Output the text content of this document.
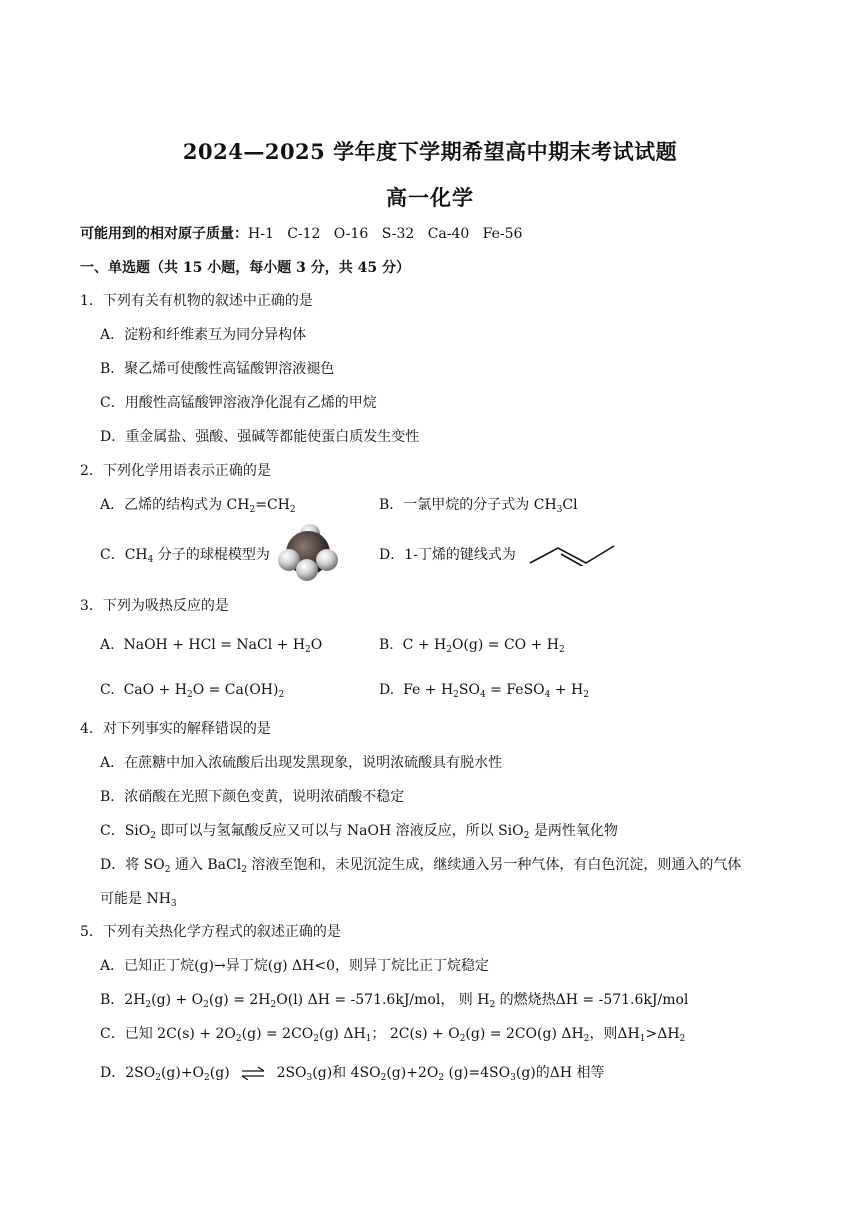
2024—2025 学年度下学期希望高中期末考试试题
高一化学
可能用到的相对原子质量：H-1   C-12   O-16   S-32   Ca-40   Fe-56
一、单选题（共 15 小题，每小题 3 分，共 45 分）
1．下列有关有机物的叙述中正确的是
A．淀粉和纤维素互为同分异构体
B．聚乙烯可使酸性高锰酸钾溶液褪色
C．用酸性高锰酸钾溶液净化混有乙烯的甲烷
D．重金属盐、强酸、强碱等都能使蛋白质发生变性
2．下列化学用语表示正确的是
A．乙烯的结构式为 $CH_2=CH_2$	B．一氯甲烷的分子式为 $CH_3Cl$
C．$CH_4$ 分子的球棍模型为	D．1-丁烯的键线式为
3．下列为吸热反应的是
A. NaOH + HCl = NaCl + $H_2O$	B. $C + H_2O(g)$ = CO + $H_2$
C. CaO + $H_2O = Ca(OH)_2$	D. $Fe + H_2SO_4$ = FeSO$_4$ + $H_2$
4．对下列事实的解释错误的是
A．在蔗糖中加入浓硫酸后出现发黑现象，说明浓硫酸具有脱水性
B．浓硝酸在光照下颜色变黄，说明浓硝酸不稳定
C．SiO$_2$ 即可以与氢氟酸反应又可以与 NaOH 溶液反应，所以 SiO$_2$ 是两性氧化物
D．将 $SO_2$ 通入 BaCl$_2$ 溶液至饱和，未见沉淀生成，继续通入另一种气体，有白色沉淀，则通入的气体
可能是 $NH_3$
5．下列有关热化学方程式的叙述正确的是
A．已知正丁烷(g)→异丁烷(g) ΔH<0，则异丁烷比正丁烷稳定
B．$2H_2(g) + O_2(g) = 2H_2O(l) \Delta H = -571.6kJ/mol$， 则 $H_2$ 的燃烧热ΔH = -571.6kJ/mol
C．已知 $2C(s) + 2O_2(g) = 2CO_2(g)$ $\Delta H_1$； $2C(s) + O_2(g) = 2CO(g)$ $\Delta H_2$，则$\Delta H_1>\Delta H_2$
D．$2SO_2(g)+O_2(g)$ ⇌ $2SO_3(g)$和 $4SO_2(g)+2O_2$ $(g)=4SO_3(g)$的ΔH 相等
